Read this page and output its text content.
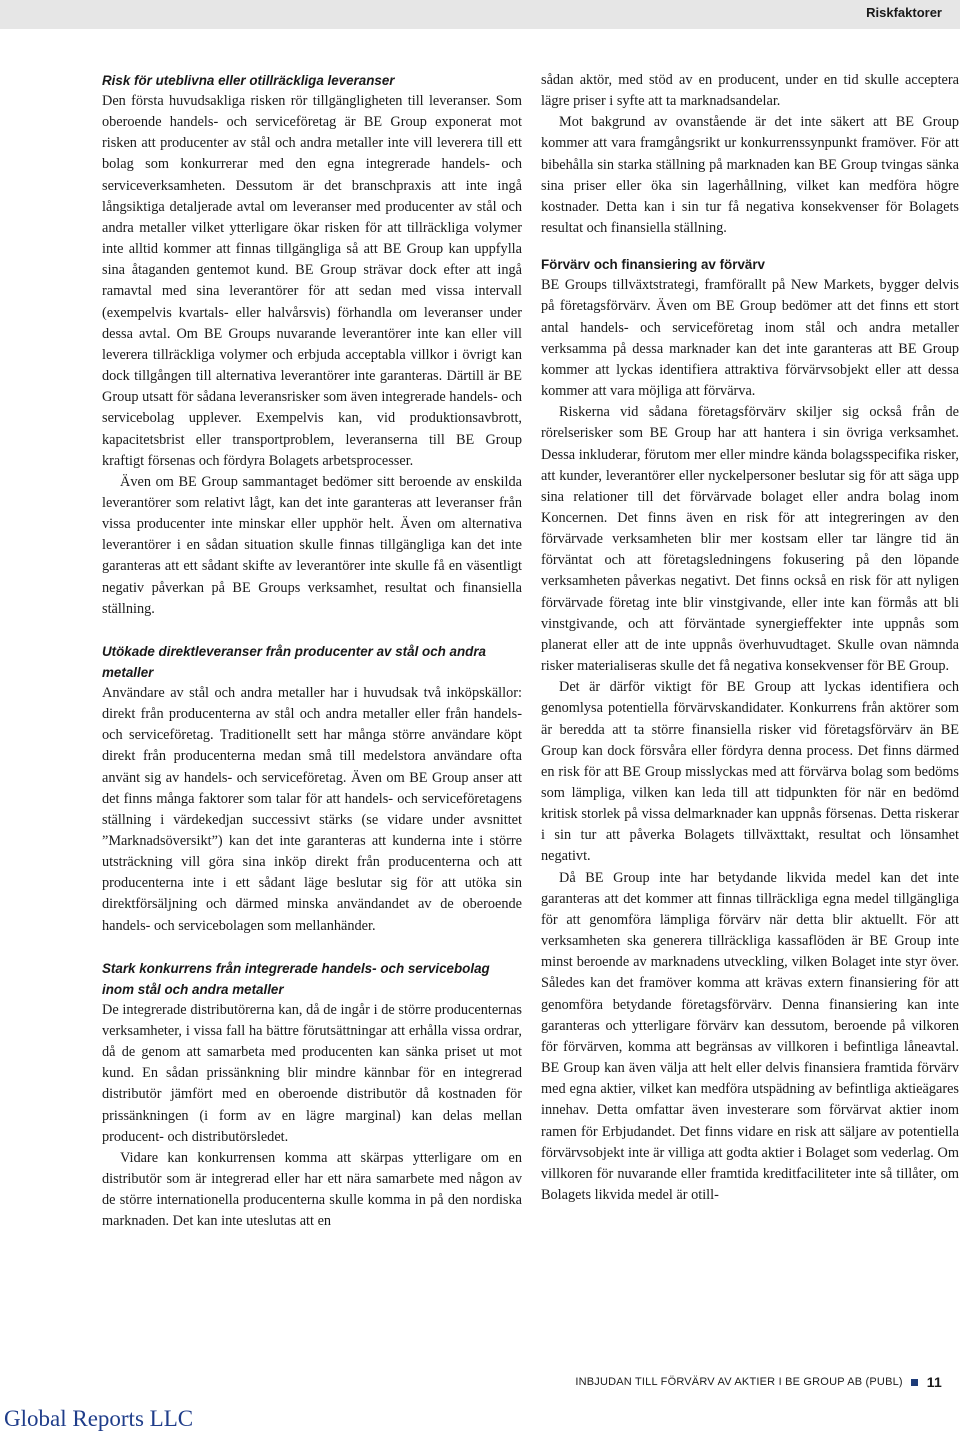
Riskfaktorer

Risk för uteblivna eller otillräckliga leveranser

Den första huvudsakliga risken rör tillgängligheten till leveranser. Som oberoende handels- och serviceföretag är BE Group exponerat mot risken att producenter av stål och andra metaller inte vill leverera till ett bolag som konkurrerar med den egna integrerade handels- och serviceverksamheten. Dessutom är det branschpraxis att inte ingå långsiktiga detaljerade avtal om leveranser med producenter av stål och andra metaller vilket ytterligare ökar risken för att tillräckliga volymer inte alltid kommer att finnas tillgängliga så att BE Group kan uppfylla sina åtaganden gentemot kund. BE Group strävar dock efter att ingå ramavtal med sina leverantörer för att sedan med vissa intervall (exempelvis kvartals- eller halvårsvis) förhandla om leveranser under dessa avtal. Om BE Groups nuvarande leverantörer inte kan eller vill leverera tillräckliga volymer och erbjuda acceptabla villkor i övrigt kan dock tillgången till alternativa leverantörer inte garanteras. Därtill är BE Group utsatt för sådana leveransrisker som även integrerade handels- och servicebolag upplever. Exempelvis kan, vid produktionsavbrott, kapacitetsbrist eller transportproblem, leveranserna till BE Group kraftigt försenas och fördyra Bolagets arbetsprocesser.

Även om BE Group sammantaget bedömer sitt beroende av enskilda leverantörer som relativt lågt, kan det inte garanteras att leveranser från vissa producenter inte minskar eller upphör helt. Även om alternativa leverantörer i en sådan situation skulle finnas tillgängliga kan det inte garanteras att ett sådant skifte av leverantörer inte skulle få en väsentligt negativ påverkan på BE Groups verksamhet, resultat och finansiella ställning.

Utökade direktleveranser från producenter av stål och andra metaller

Användare av stål och andra metaller har i huvudsak två inköpskällor: direkt från producenterna av stål och andra metaller eller från handels- och serviceföretag. Traditionellt sett har många större användare köpt direkt från producenterna medan små till medelstora användare ofta använt sig av handels- och serviceföretag. Även om BE Group anser att det finns många faktorer som talar för att handels- och serviceföretagens ställning i värdekedjan successivt stärks (se vidare under avsnittet ”Marknadsöversikt”) kan det inte garanteras att kunderna inte i större utsträckning vill göra sina inköp direkt från producenterna och att producenterna inte i ett sådant läge beslutar sig för att utöka sin direktförsäljning och därmed minska användandet av de oberoende handels- och servicebolagen som mellanhänder.

Stark konkurrens från integrerade handels- och servicebolag inom stål och andra metaller

De integrerade distributörerna kan, då de ingår i de större producenternas verksamheter, i vissa fall ha bättre förutsättningar att erhålla vissa ordrar, då de genom att samarbeta med producenten kan sänka priset ut mot kund. En sådan prissänkning blir mindre kännbar för en integrerad distributör jämfört med en oberoende distributör då kostnaden för prissänkningen (i form av en lägre marginal) kan delas mellan producent- och distributörsledet.

Vidare kan konkurrensen komma att skärpas ytterligare om en distributör som är integrerad eller har ett nära samarbete med någon av de större internationella producenterna skulle komma in på den nordiska marknaden. Det kan inte uteslutas att en

sådan aktör, med stöd av en producent, under en tid skulle acceptera lägre priser i syfte att ta marknadsandelar.

Mot bakgrund av ovanstående är det inte säkert att BE Group kommer att vara framgångsrikt ur konkurrenssynpunkt framöver. För att bibehålla sin starka ställning på marknaden kan BE Group tvingas sänka sina priser eller öka sin lagerhållning, vilket kan medföra högre kostnader. Detta kan i sin tur få negativa konsekvenser för Bolagets resultat och finansiella ställning.

Förvärv och finansiering av förvärv

BE Groups tillväxtstrategi, framförallt på New Markets, bygger delvis på företagsförvärv. Även om BE Group bedömer att det finns ett stort antal handels- och serviceföretag inom stål och andra metaller verksamma på dessa marknader kan det inte garanteras att BE Group kommer att lyckas identifiera attraktiva förvärvsobjekt eller att dessa kommer att vara möjliga att förvärva.

Riskerna vid sådana företagsförvärv skiljer sig också från de rörelserisker som BE Group har att hantera i sin övriga verksamhet. Dessa inkluderar, förutom mer eller mindre kända bolagsspecifika risker, att kunder, leverantörer eller nyckelpersoner beslutar sig för att säga upp sina relationer till det förvärvade bolaget eller andra bolag inom Koncernen. Det finns även en risk för att integreringen av den förvärvade verksamheten blir mer kostsam eller tar längre tid än förväntat och att företagsledningens fokusering på den löpande verksamheten påverkas negativt. Det finns också en risk för att nyligen förvärvade företag inte blir vinstgivande, eller inte kan förmås att bli vinstgivande, och att förväntade synergieffekter inte uppnås som planerat eller att de inte uppnås överhuvudtaget. Skulle ovan nämnda risker materialiseras skulle det få negativa konsekvenser för BE Group.

Det är därför viktigt för BE Group att lyckas identifiera och genomlysa potentiella förvärvskandidater. Konkurrens från aktörer som är beredda att ta större finansiella risker vid företagsförvärv än BE Group kan dock försvåra eller fördyra denna process. Det finns därmed en risk för att BE Group misslyckas med att förvärva bolag som bedöms som lämpliga, vilken kan leda till att tidpunkten för när en bedömd kritisk storlek på vissa delmarknader kan uppnås försenas. Detta riskerar i sin tur att påverka Bolagets tillväxttakt, resultat och lönsamhet negativt.

Då BE Group inte har betydande likvida medel kan det inte garanteras att det kommer att finnas tillräckliga egna medel tillgängliga för att genomföra lämpliga förvärv när detta blir aktuellt. För att verksamheten ska generera tillräckliga kassaflöden är BE Group inte minst beroende av marknadens utveckling, vilken Bolaget inte styr över. Således kan det framöver komma att krävas extern finansiering för att genomföra betydande företagsförvärv. Denna finansiering kan inte garanteras och ytterligare förvärv kan dessutom, beroende på vilkoren för förvärven, komma att begränsas av villkoren i befintliga låneavtal. BE Group kan även välja att helt eller delvis finansiera framtida förvärv med egna aktier, vilket kan medföra utspädning av befintliga aktieägares innehav. Detta omfattar även investerare som förvärvat aktier inom ramen för Erbjudandet. Det finns vidare en risk att säljare av potentiella förvärvsobjekt inte är villiga att godta aktier i Bolaget som vederlag. Om villkoren för nuvarande eller framtida kreditfaciliteter inte så tillåter, om Bolagets likvida medel är otill-

INBJUDAN TILL FÖRVÄRV AV AKTIER I BE GROUP AB (PUBL) 11
Global Reports LLC
